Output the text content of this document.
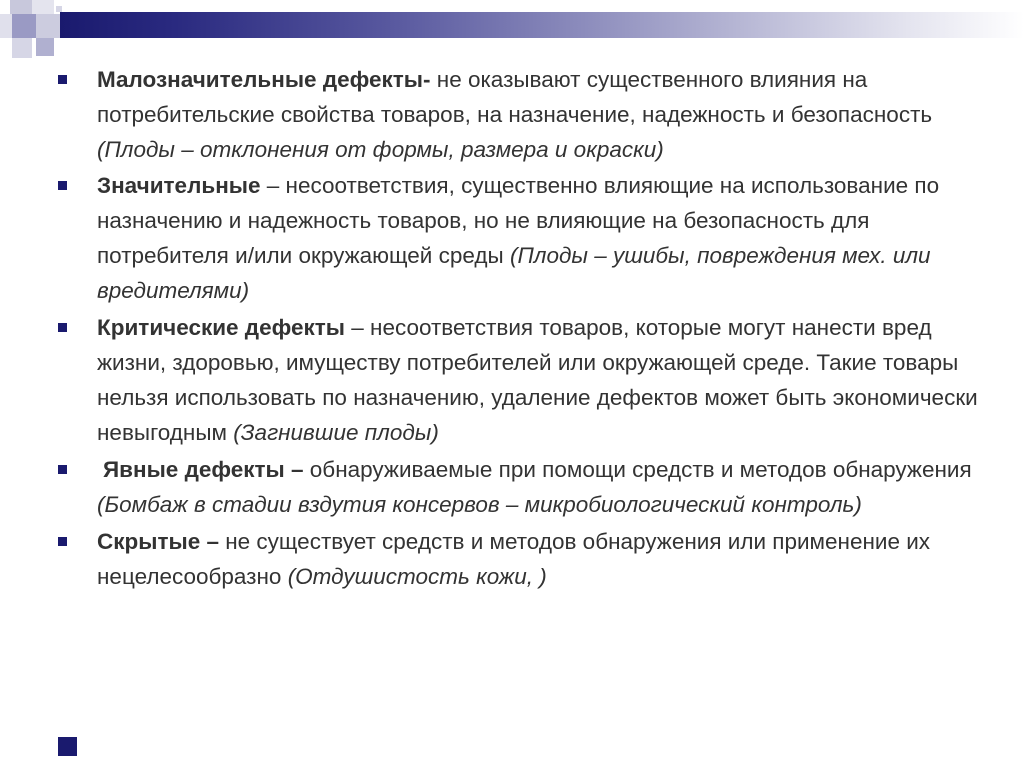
Малозначительные дефекты- не оказывают существенного влияния на потребительские свойства товаров, на назначение, надежность и безопасность (Плоды – отклонения от формы, размера и окраски)
Значительные – несоответствия, существенно влияющие на использование по назначению и надежность товаров, но не влияющие на безопасность для потребителя и/или окружающей среды (Плоды – ушибы, повреждения мех. или вредителями)
Критические дефекты – несоответствия товаров, которые могут нанести вред жизни, здоровью, имуществу потребителей или окружающей среде. Такие товары нельзя использовать по назначению, удаление дефектов может быть экономически невыгодным (Загнившие плоды)
Явные дефекты – обнаруживаемые при помощи средств и методов обнаружения (Бомбаж в стадии вздутия консервов – микробиологический контроль)
Скрытые – не существует средств и методов обнаружения или применение их нецелесообразно (Отдушистость кожи, )
